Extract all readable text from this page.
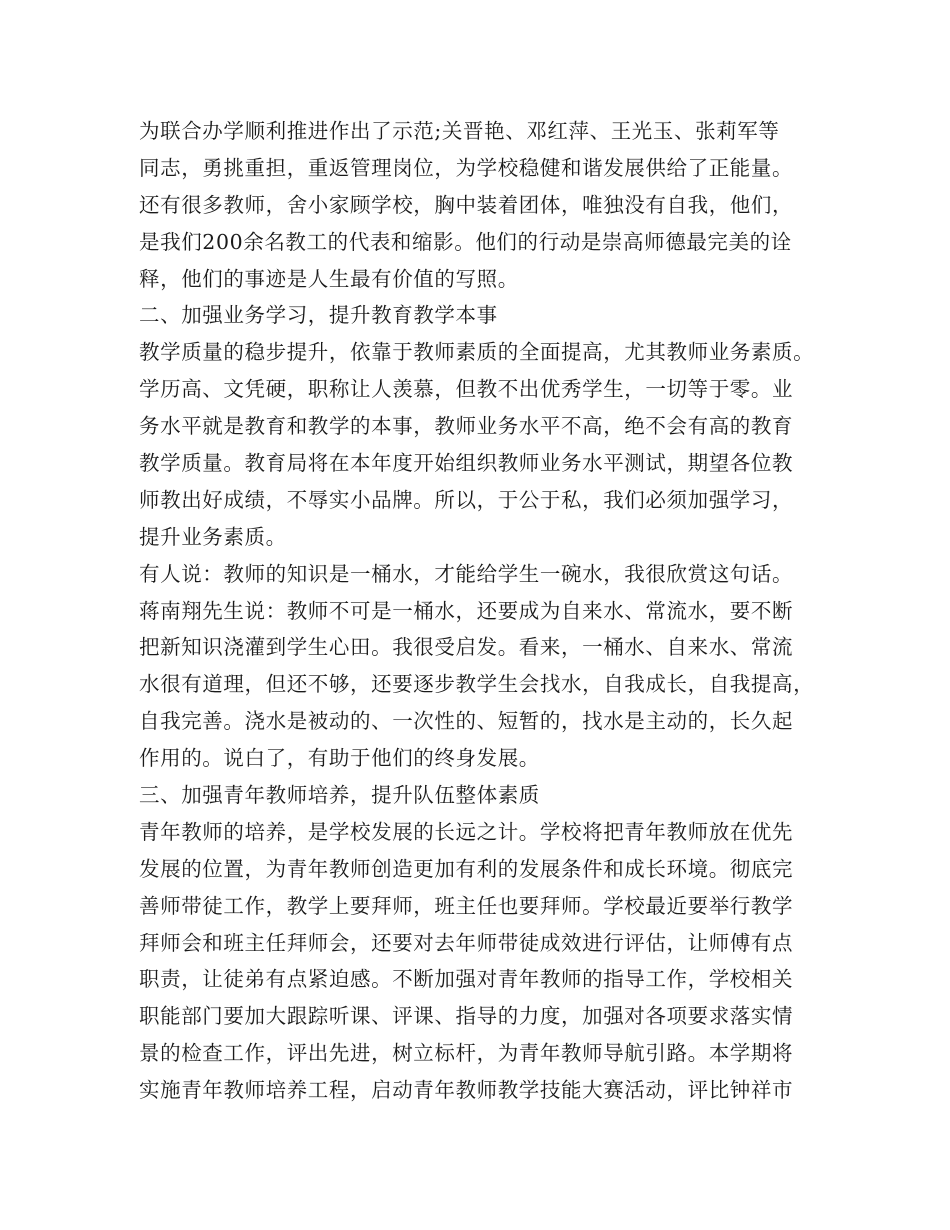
为联合办学顺利推进作出了示范;关晋艳、邓红萍、王光玉、张莉军等
同志，勇挑重担，重返管理岗位，为学校稳健和谐发展供给了正能量。
还有很多教师，舍小家顾学校，胸中装着团体，唯独没有自我，他们，
是我们200余名教工的代表和缩影。他们的行动是崇高师德最完美的诠
释，他们的事迹是人生最有价值的写照。
二、加强业务学习，提升教育教学本事
教学质量的稳步提升，依靠于教师素质的全面提高，尤其教师业务素质。
学历高、文凭硬，职称让人羡慕，但教不出优秀学生，一切等于零。业
务水平就是教育和教学的本事，教师业务水平不高，绝不会有高的教育
教学质量。教育局将在本年度开始组织教师业务水平测试，期望各位教
师教出好成绩，不辱实小品牌。所以，于公于私，我们必须加强学习，
提升业务素质。
有人说：教师的知识是一桶水，才能给学生一碗水，我很欣赏这句话。
蒋南翔先生说：教师不可是一桶水，还要成为自来水、常流水，要不断
把新知识浇灌到学生心田。我很受启发。看来，一桶水、自来水、常流
水很有道理，但还不够，还要逐步教学生会找水，自我成长，自我提高，
自我完善。浇水是被动的、一次性的、短暂的，找水是主动的，长久起
作用的。说白了，有助于他们的终身发展。
三、加强青年教师培养，提升队伍整体素质
青年教师的培养，是学校发展的长远之计。学校将把青年教师放在优先
发展的位置，为青年教师创造更加有利的发展条件和成长环境。彻底完
善师带徒工作，教学上要拜师，班主任也要拜师。学校最近要举行教学
拜师会和班主任拜师会，还要对去年师带徒成效进行评估，让师傅有点
职责，让徒弟有点紧迫感。不断加强对青年教师的指导工作，学校相关
职能部门要加大跟踪听课、评课、指导的力度，加强对各项要求落实情
景的检查工作，评出先进，树立标杆，为青年教师导航引路。本学期将
实施青年教师培养工程，启动青年教师教学技能大赛活动，评比钟祥市
